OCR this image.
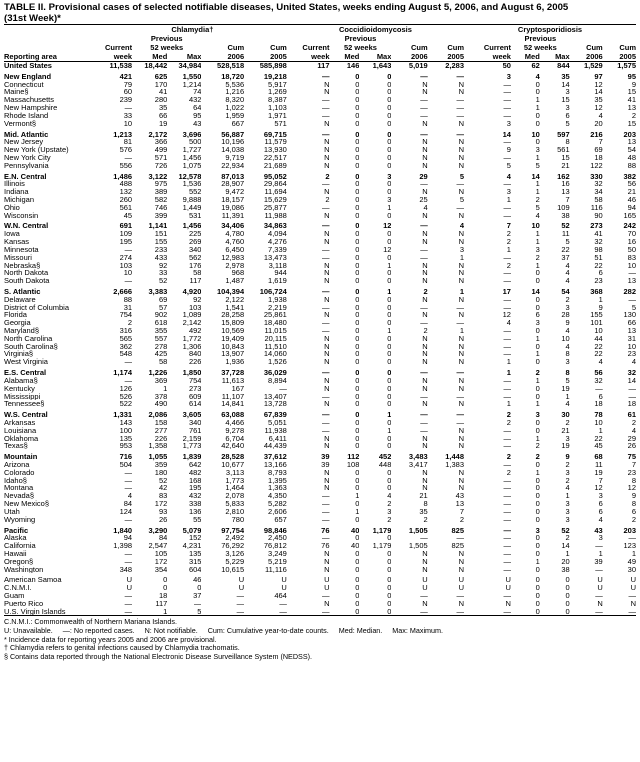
TABLE II. Provisional cases of selected notifiable diseases, United States, weeks ending August 5, 2006, and August 6, 2005
(31st Week)*
	Chlamydia†					Coccidioidomycosis					Cryptosporidiosis				
		Previous					Previous					Previous			
	Current	52 weeks		Cum	Cum	Current	52 weeks		Cum	Cum	Current	52 weeks		Cum	Cum
Reporting area	week	Med	Max	2006	2005	week	Med	Max	2006	2005	week	Med	Max	2006	2005
United States	11,538	18,442	34,984	528,518	585,898	117	146	1,643	5,019	2,283	50	62	844	1,529	1,575

New England	421	625	1,550	18,720	19,218	—	0	0	—	—	3	4	35	97	95
Connecticut	79	170	1,214	5,536	5,917	N	0	0	N	N	—	0	14	12	9
Maine§	60	41	74	1,216	1,269	N	0	0	N	N	—	0	3	14	15
Massachusetts	239	280	432	8,320	8,387	—	0	0	—	—	—	1	15	35	41
New Hampshire	—	35	64	1,022	1,103	—	0	0	—	—	—	1	3	12	13
Rhode Island	33	66	95	1,959	1,971	—	0	0	—	—	—	0	6	4	2
Vermont§	10	19	43	667	571	N	0	0	N	N	3	0	5	20	15

Mid. Atlantic	1,213	2,172	3,696	56,887	69,715	—	0	0	—	—	14	10	597	216	203
New Jersey	81	366	500	10,196	11,579	N	0	0	N	N	—	0	8	7	13
New York (Upstate)	576	499	1,727	14,038	13,930	N	0	0	N	N	9	3	561	69	54
New York City	—	571	1,456	9,719	22,517	N	0	0	N	N	—	1	15	18	48
Pennsylvania	556	726	1,075	22,934	21,689	N	0	0	N	N	5	5	21	122	88

E.N. Central	1,486	3,122	12,578	87,013	95,052	2	0	3	29	5	4	14	162	330	382
Illinois	488	975	1,536	28,907	29,864	—	0	0	—	—	—	1	16	32	56
Indiana	132	389	552	9,472	11,694	N	0	0	N	N	3	1	13	34	21
Michigan	260	582	9,888	18,157	15,629	2	0	3	25	5	1	2	7	58	46
Ohio	561	746	1,449	19,086	25,877	—	0	1	4	—	—	5	109	116	94
Wisconsin	45	399	531	11,391	11,988	N	0	0	N	N	—	4	38	90	165

W.N. Central	691	1,141	1,456	34,406	34,863	—	0	12	—	4	7	10	52	273	242
Iowa	109	151	225	4,780	4,094	N	0	0	N	N	2	1	11	41	70
Kansas	195	155	269	4,760	4,276	N	0	0	N	N	2	1	5	32	16
Minnesota	—	233	340	6,450	7,339	—	0	12	—	3	1	3	22	98	50
Missouri	274	433	562	12,983	13,473	—	0	0	—	1	—	2	37	51	83
Nebraska§	103	92	176	2,978	3,118	N	0	1	N	N	2	1	4	22	10
North Dakota	10	33	58	968	944	N	0	0	N	N	—	0	4	6	—
South Dakota	—	52	117	1,487	1,619	N	0	0	N	N	—	0	4	23	13

S. Atlantic	2,666	3,383	4,920	104,394	106,724	—	0	1	2	1	17	14	54	368	282
Delaware	88	69	92	2,122	1,938	N	0	0	N	N	—	0	2	1	—
District of Columbia	31	57	103	1,541	2,219	—	0	0	—	—	—	0	3	9	5
Florida	754	902	1,089	28,258	25,861	N	0	0	N	N	12	6	28	155	130
Georgia	2	618	2,142	15,809	18,480	—	0	0	—	—	4	3	9	101	66
Maryland§	316	355	492	10,569	11,015	—	0	1	2	1	—	0	4	10	13
North Carolina	565	557	1,772	19,409	20,115	N	0	0	N	N	—	1	10	44	31
South Carolina§	362	278	1,306	10,843	11,510	N	0	0	N	N	—	0	4	22	10
Virginia§	548	425	840	13,907	14,060	N	0	0	N	N	—	1	8	22	23
West Virginia	—	58	226	1,936	1,526	N	0	0	N	N	1	0	3	4	4

E.S. Central	1,174	1,226	1,850	37,728	36,029	—	0	0	—	—	1	2	8	56	32
Alabama§	—	369	754	11,613	8,894	N	0	0	N	N	—	1	5	32	14
Kentucky	126	1	273	167	—	N	0	0	N	N	—	0	19	—	—
Mississippi	526	378	609	11,107	13,407	—	0	0	—	—	—	0	1	6	—
Tennessee§	522	490	614	14,841	13,728	N	0	0	N	N	1	1	4	18	18

W.S. Central	1,331	2,086	3,605	63,088	67,839	—	0	1	—	—	2	3	30	78	61
Arkansas	143	158	340	4,466	5,051	—	0	0	—	—	2	0	2	10	2
Louisiana	100	277	761	9,278	11,938	—	0	1	—	N	—	0	21	1	4
Oklahoma	135	226	2,159	6,704	6,411	N	0	0	N	N	—	1	3	22	29
Texas§	953	1,358	1,773	42,640	44,439	N	0	0	N	N	—	2	19	45	26

Mountain	716	1,055	1,839	28,528	37,612	39	112	452	3,483	1,448	2	2	9	68	75
Arizona	504	359	642	10,677	13,166	39	108	448	3,417	1,383	—	0	2	11	7
Colorado	—	180	482	3,113	8,793	N	0	0	N	N	2	1	3	19	23
Idaho§	—	52	168	1,773	1,395	N	0	0	N	N	—	0	2	7	8
Montana	—	42	195	1,464	1,363	N	0	0	N	N	—	0	4	12	12
Nevada§	4	83	432	2,078	4,350	—	1	4	21	43	—	0	1	3	9
New Mexico§	84	172	338	5,833	5,282	—	0	2	8	13	—	0	3	6	8
Utah	124	93	136	2,810	2,606	—	1	3	35	7	—	0	3	6	6
Wyoming	—	26	55	780	657	—	0	2	2	2	—	0	3	4	2

Pacific	1,840	3,290	5,079	97,754	98,846	76	40	1,179	1,505	825	—	3	52	43	203
Alaska	94	84	152	2,492	2,450	—	0	0	—	—	—	0	2	3	—
California	1,398	2,547	4,231	76,292	76,812	76	40	1,179	1,505	825	—	0	14	—	123
Hawaii	—	105	135	3,126	3,249	N	0	0	N	N	—	0	1	1	1
Oregon§	—	172	315	5,229	5,219	N	0	0	N	N	—	1	20	39	49
Washington	348	354	604	10,615	11,116	N	0	0	N	N	—	0	38	—	30

American Samoa	U	0	46	U	U	U	0	0	U	U	U	0	0	U	U
C.N.M.I.	U	0	0	U	U	U	0	0	U	U	U	0	0	U	U
Guam	—	18	37	—	464	—	0	0	—	—	—	0	0	—	—
Puerto Rico	—	117	—	—	—	N	0	0	N	N	N	0	0	N	N
U.S. Virgin Islands	—	1	5	—	—	—	0	0	—	—	—	0	0	—	—
C.N.M.I.: Commonwealth of Northern Mariana Islands.
U: Unavailable.     —: No reported cases.     N: Not notifiable.     Cum: Cumulative year-to-date counts.     Med: Median.     Max: Maximum.
* Incidence data for reporting years 2005 and 2006 are provisional.
† Chlamydia refers to genital infections caused by Chlamydia trachomatis.
§ Contains data reported through the National Electronic Disease Surveillance System (NEDSS).
